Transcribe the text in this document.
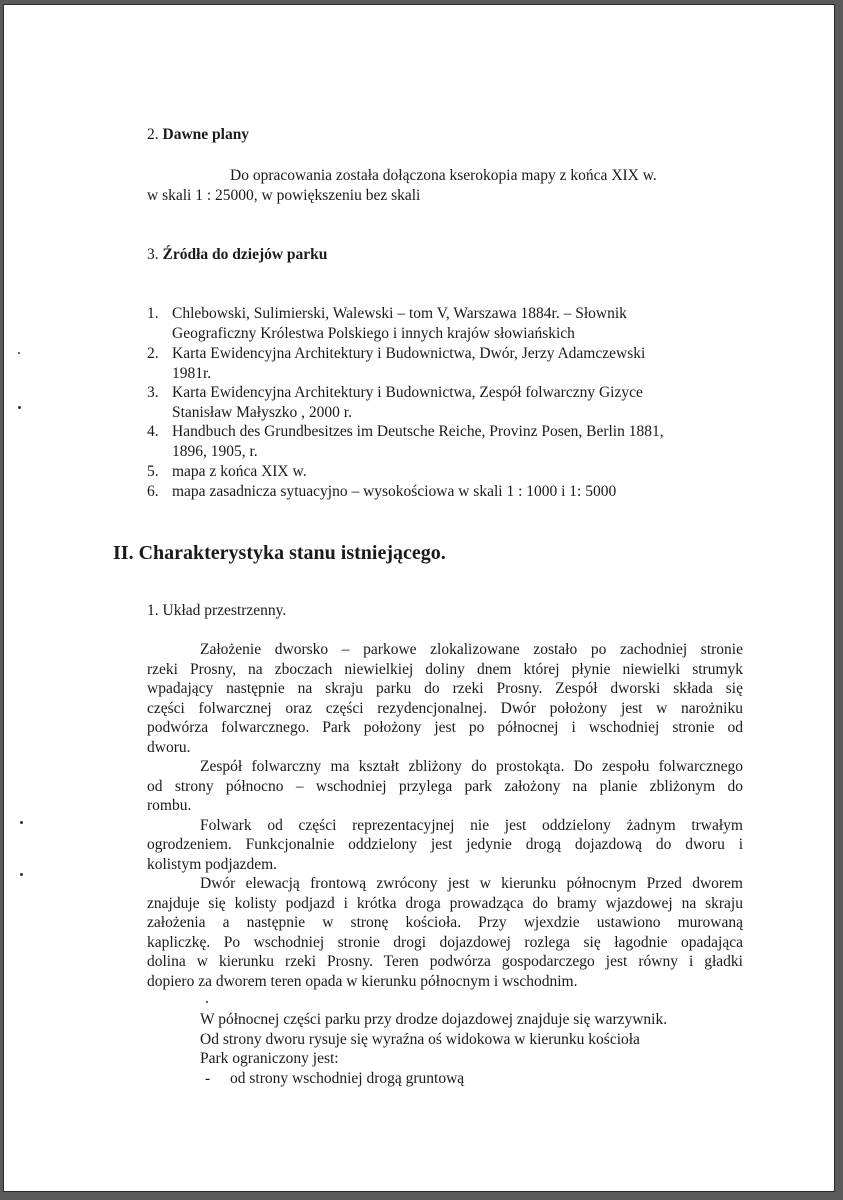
2. Dawne plany
Do opracowania została dołączona kserokopia mapy z końca XIX w.
w skali 1 : 25000, w powiększeniu bez skali
3. Źródła do dziejów parku
1. Chlebowski, Sulimierski, Walewski – tom V, Warszawa 1884r. – Słownik
Geograficzny Królestwa Polskiego i innych krajów słowiańskich
2. Karta Ewidencyjna Architektury i Budownictwa, Dwór, Jerzy Adamczewski
1981r.
3. Karta Ewidencyjna Architektury i Budownictwa, Zespół folwarczny Gizyce
Stanisław Małyszko , 2000 r.
4. Handbuch des Grundbesitzes im Deutsche Reiche, Provinz Posen, Berlin 1881,
1896, 1905, r.
5. mapa z końca XIX w.
6. mapa zasadnicza sytuacyjno – wysokościowa w skali 1 : 1000 i 1: 5000
II. Charakterystyka stanu istniejącego.
1. Układ przestrzenny.
Założenie dworsko – parkowe zlokalizowane zostało po zachodniej stronie
rzeki Prosny, na zboczach niewielkiej doliny dnem której płynie niewielki strumyk
wpadający następnie na skraju parku do rzeki Prosny. Zespół dworski składa się
części folwarcznej oraz części rezydencjonalnej. Dwór położony jest w narożniku
podwórza folwarcznego. Park położony jest po północnej i wschodniej stronie od
dworu.
Zespół folwarczny ma kształt zbliżony do prostokąta. Do zespołu folwarcznego
od strony północno – wschodniej przylega park założony na planie zbliżonym do
rombu.
Folwark od części reprezentacyjnej nie jest oddzielony żadnym trwałym
ogrodzeniem. Funkcjonalnie oddzielony jest jedynie drogą dojazdową do dworu i
kolistym podjazdem.
Dwór elewacją frontową zwrócony jest w kierunku północnym Przed dworem
znajduje się kolisty podjazd i krótka droga prowadząca do bramy wjazdowej na skraju
założenia a następnie w stronę kościoła. Przy wjexdzie ustawiono murowaną
kapliczkę. Po wschodniej stronie drogi dojazdowej rozlega się łagodnie opadająca
dolina w kierunku rzeki Prosny. Teren podwórza gospodarczego jest równy i gładki
dopiero za dworem teren opada w kierunku północnym i wschodnim.
W północnej części parku przy drodze dojazdowej znajduje się warzywnik.
Od strony dworu rysuje się wyraźna oś widokowa w kierunku kościoła
Park ograniczony jest:
- od strony wschodniej drogą gruntową
